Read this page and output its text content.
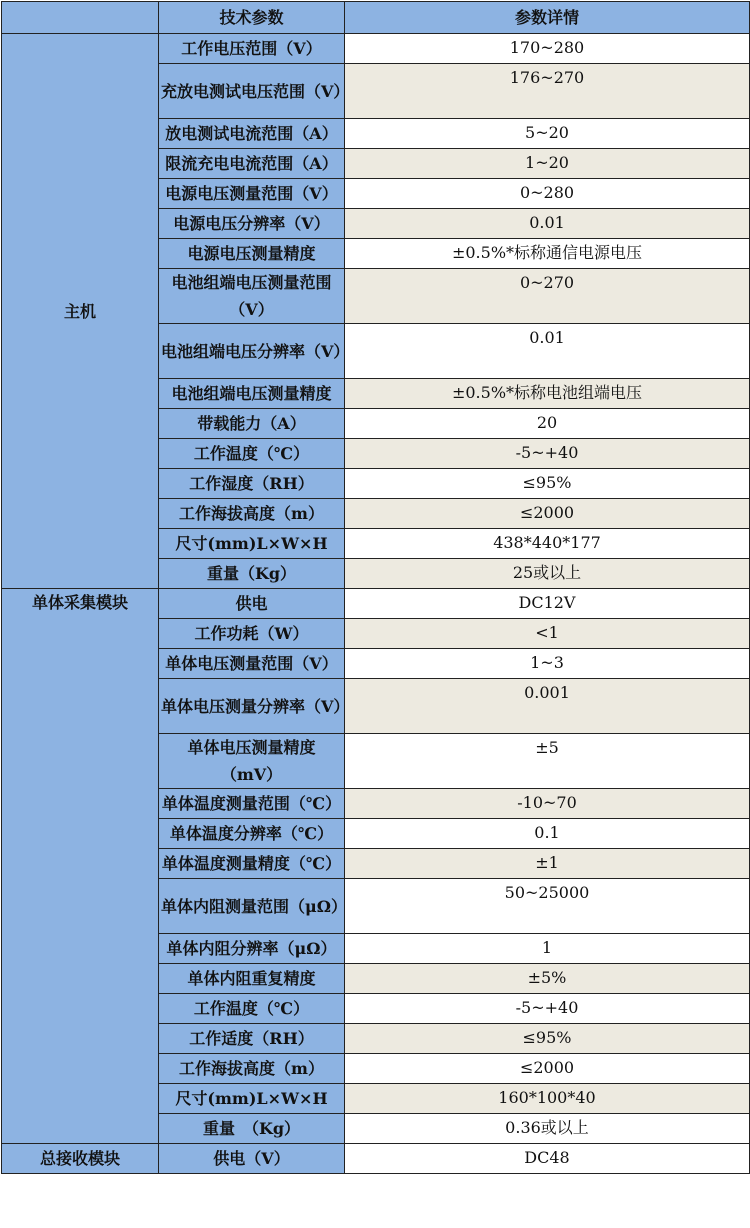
	技术参数	参数详情
主机	工作电压范围（V）	170~280
	充放电测试电压范围（V）	176~270
	放电测试电流范围（A）	5~20
	限流充电电流范围（A）	1~20
	电源电压测量范围（V）	0~280
	电源电压分辨率（V）	0.01
	电源电压测量精度	±0.5%*标称通信电源电压
	电池组端电压测量范围（V）	0~270
	电池组端电压分辨率（V）	0.01
	电池组端电压测量精度	±0.5%*标称电池组端电压
	带载能力（A）	20
	工作温度（℃）	-5~+40
	工作湿度（RH）	≤95%
	工作海拔高度（m）	≤2000
	尺寸(mm)L×W×H	438*440*177
	重量（Kg）	25或以上
单体采集模块	供电	DC12V
	工作功耗（W）	<1
	单体电压测量范围（V）	1~3
	单体电压测量分辨率（V）	0.001
	单体电压测量精度（mV）	±5
	单体温度测量范围（℃）	-10~70
	单体温度分辨率（℃）	0.1
	单体温度测量精度（℃）	±1
	单体内阻测量范围（μΩ）	50~25000
	单体内阻分辨率（μΩ）	1
	单体内阻重复精度	±5%
	工作温度（℃）	-5~+40
	工作适度（RH）	≤95%
	工作海拔高度（m）	≤2000
	尺寸(mm)L×W×H	160*100*40
	重量　（Kg）	0.36或以上
总接收模块	供电（V）	DC48
